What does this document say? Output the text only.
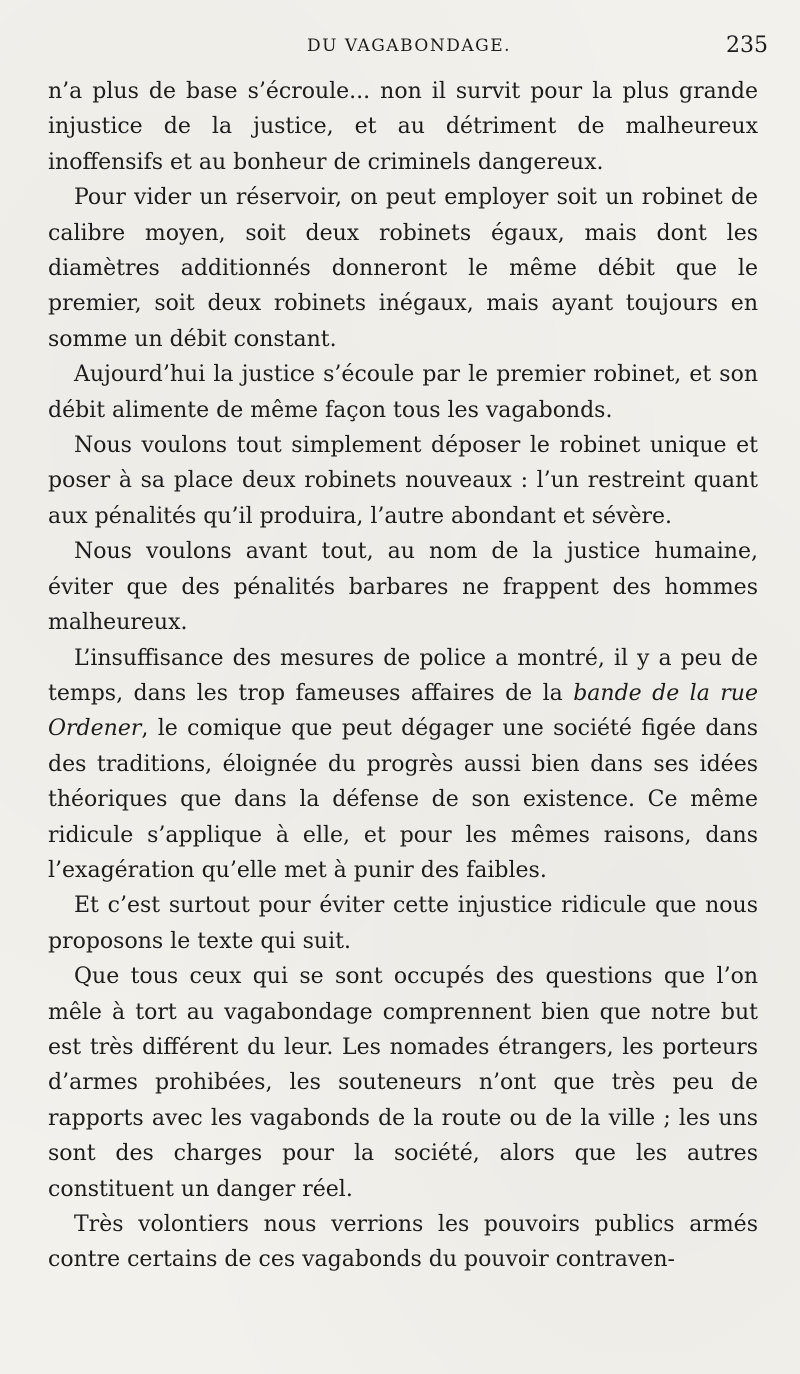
DU VAGABONDAGE.	235

n’a plus de base s’écroule... non il survit pour la plus grande injustice de la justice, et au détriment de malheureux inoffensifs et au bonheur de criminels dangereux.

Pour vider un réservoir, on peut employer soit un robinet de calibre moyen, soit deux robinets égaux, mais dont les diamètres additionnés donneront le même débit que le premier, soit deux robinets inégaux, mais ayant toujours en somme un débit constant.

Aujourd’hui la justice s’écoule par le premier robinet, et son débit alimente de même façon tous les vagabonds.

Nous voulons tout simplement déposer le robinet unique et poser à sa place deux robinets nouveaux : l’un restreint quant aux pénalités qu’il produira, l’autre abondant et sévère.

Nous voulons avant tout, au nom de la justice humaine, éviter que des pénalités barbares ne frappent des hommes malheureux.

L’insuffisance des mesures de police a montré, il y a peu de temps, dans les trop fameuses affaires de la bande de la rue Ordener, le comique que peut dégager une société figée dans des traditions, éloignée du progrès aussi bien dans ses idées théoriques que dans la défense de son existence. Ce même ridicule s’applique à elle, et pour les mêmes raisons, dans l’exagération qu’elle met à punir des faibles.

Et c’est surtout pour éviter cette injustice ridicule que nous proposons le texte qui suit.

Que tous ceux qui se sont occupés des questions que l’on mêle à tort au vagabondage comprennent bien que notre but est très différent du leur. Les nomades étrangers, les porteurs d’armes prohibées, les souteneurs n’ont que très peu de rapports avec les vagabonds de la route ou de la ville ; les uns sont des charges pour la société, alors que les autres constituent un danger réel.

Très volontiers nous verrions les pouvoirs publics armés contre certains de ces vagabonds du pouvoir contraven-
